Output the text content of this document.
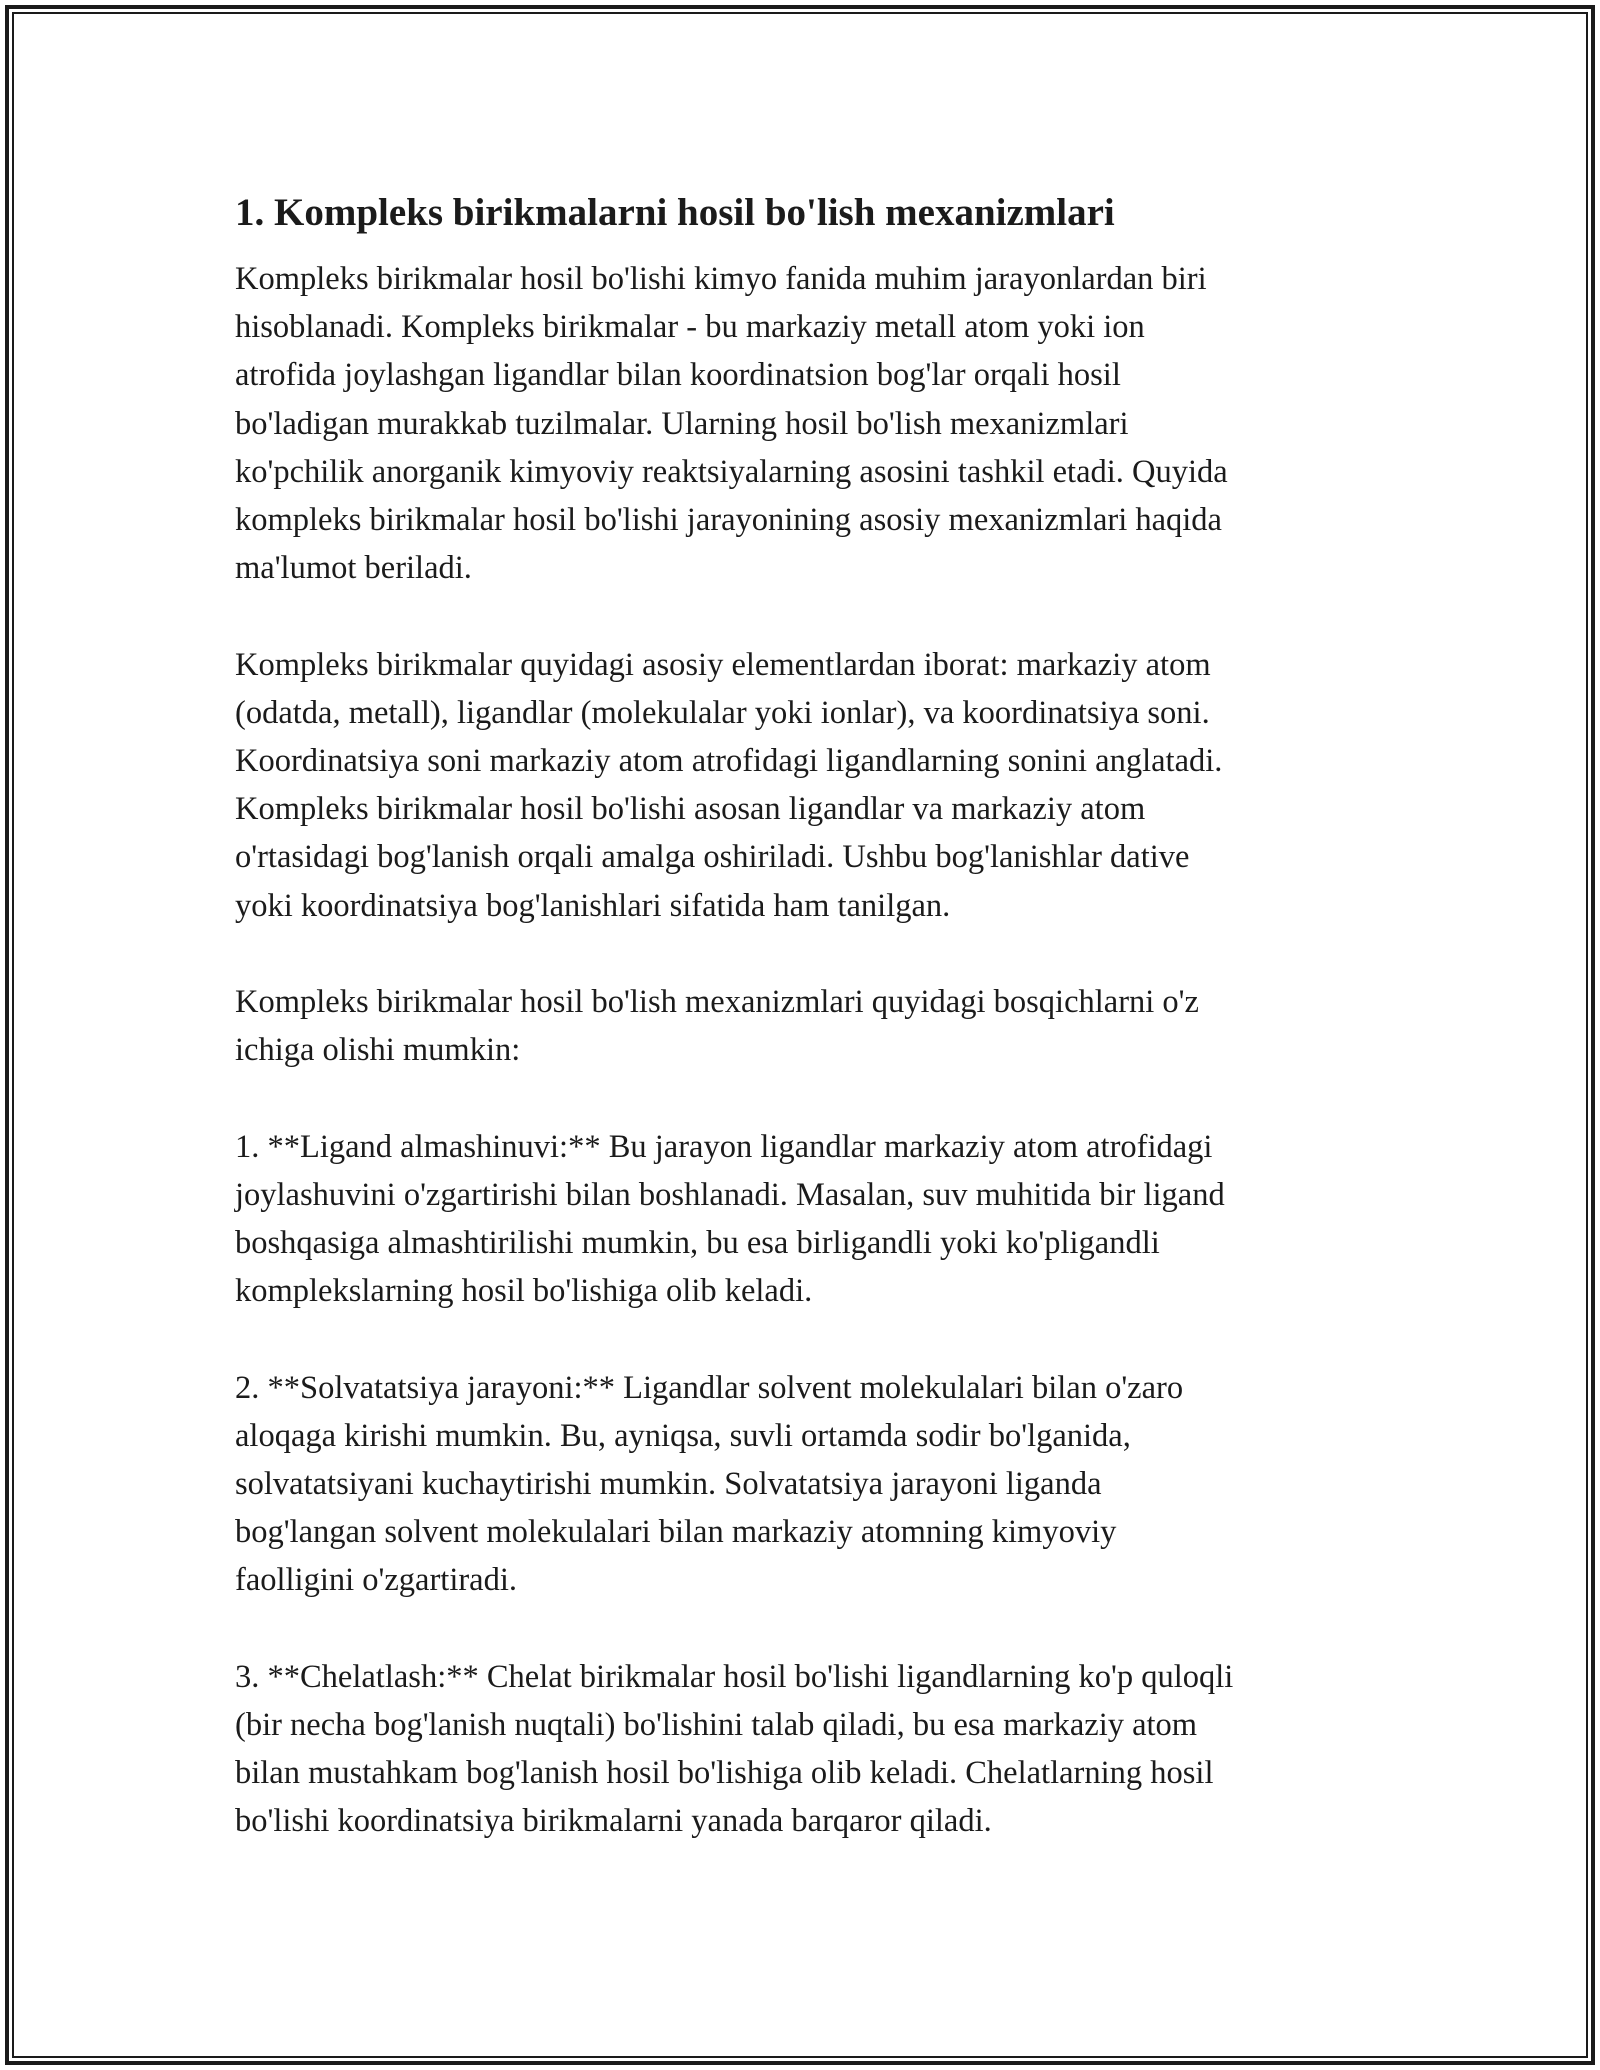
1. Kompleks birikmalarni hosil bo'lish mexanizmlari

Kompleks birikmalar hosil bo'lishi kimyo fanida muhim jarayonlardan biri
hisoblanadi. Kompleks birikmalar - bu markaziy metall atom yoki ion
atrofida joylashgan ligandlar bilan koordinatsion bog'lar orqali hosil
bo'ladigan murakkab tuzilmalar. Ularning hosil bo'lish mexanizmlari
ko'pchilik anorganik kimyoviy reaktsiyalarning asosini tashkil etadi. Quyida
kompleks birikmalar hosil bo'lishi jarayonining asosiy mexanizmlari haqida
ma'lumot beriladi.

Kompleks birikmalar quyidagi asosiy elementlardan iborat: markaziy atom
(odatda, metall), ligandlar (molekulalar yoki ionlar), va koordinatsiya soni.
Koordinatsiya soni markaziy atom atrofidagi ligandlarning sonini anglatadi.
Kompleks birikmalar hosil bo'lishi asosan ligandlar va markaziy atom
o'rtasidagi bog'lanish orqali amalga oshiriladi. Ushbu bog'lanishlar dative
yoki koordinatsiya bog'lanishlari sifatida ham tanilgan.

Kompleks birikmalar hosil bo'lish mexanizmlari quyidagi bosqichlarni o'z
ichiga olishi mumkin:

1. **Ligand almashinuvi:** Bu jarayon ligandlar markaziy atom atrofidagi
joylashuvini o'zgartirishi bilan boshlanadi. Masalan, suv muhitida bir ligand
boshqasiga almashtirilishi mumkin, bu esa birligandli yoki ko'pligandli
komplekslarning hosil bo'lishiga olib keladi.

2. **Solvatatsiya jarayoni:** Ligandlar solvent molekulalari bilan o'zaro
aloqaga kirishi mumkin. Bu, ayniqsa, suvli ortamda sodir bo'lganida,
solvatatsiyani kuchaytirishi mumkin. Solvatatsiya jarayoni liganda
bog'langan solvent molekulalari bilan markaziy atomning kimyoviy
faolligini o'zgartiradi.

3. **Chelatlash:** Chelat birikmalar hosil bo'lishi ligandlarning ko'p quloqli
(bir necha bog'lanish nuqtali) bo'lishini talab qiladi, bu esa markaziy atom
bilan mustahkam bog'lanish hosil bo'lishiga olib keladi. Chelatlarning hosil
bo'lishi koordinatsiya birikmalarni yanada barqaror qiladi.
